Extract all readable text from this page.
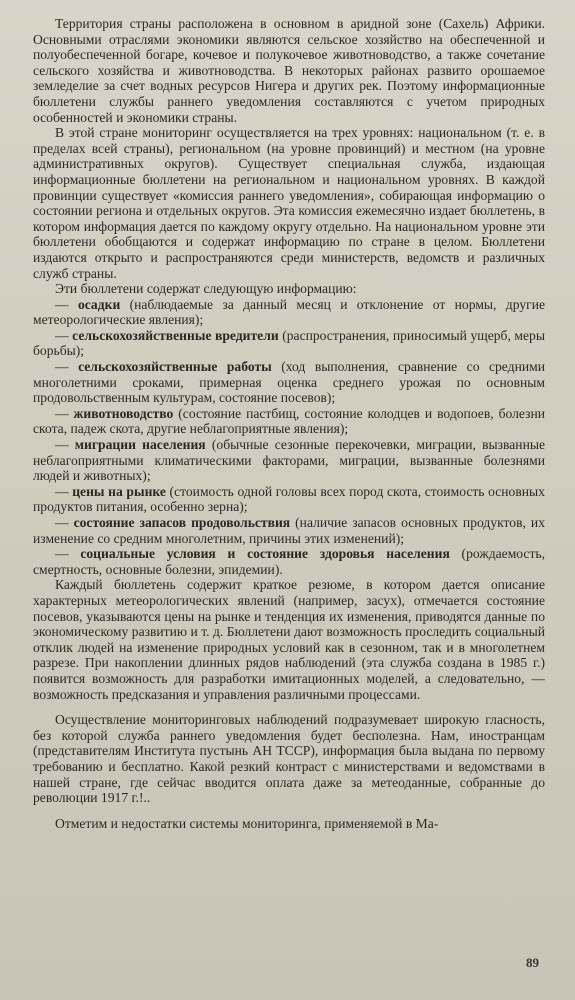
Территория страны расположена в основном в аридной зоне (Сахель) Африки. Основными отраслями экономики являются сельское хозяйство на обеспеченной и полуобеспеченной богаре, кочевое и полукочевое животноводство, а также сочетание сельского хозяйства и животноводства. В некоторых районах развито орошаемое земледелие за счет водных ресурсов Нигера и других рек. Поэтому информационные бюллетени службы раннего уведомления составляются с учетом природных особенностей и экономики страны.

В этой стране мониторинг осуществляется на трех уровнях: национальном (т. е. в пределах всей страны), региональном (на уровне провинций) и местном (на уровне административных округов). Существует специальная служба, издающая информационные бюллетени на региональном и национальном уровнях. В каждой провинции существует «комиссия раннего уведомления», собирающая информацию о состоянии региона и отдельных округов. Эта комиссия ежемесячно издает бюллетень, в котором информация дается по каждому округу отдельно. На национальном уровне эти бюллетени обобщаются и содержат информацию по стране в целом. Бюллетени издаются открыто и распространяются среди министерств, ведомств и различных служб страны.

Эти бюллетени содержат следующую информацию:

— осадки (наблюдаемые за данный месяц и отклонение от нормы, другие метеорологические явления);

— сельскохозяйственные вредители (распространения, приносимый ущерб, меры борьбы);

— сельскохозяйственные работы (ход выполнения, сравнение со средними многолетними сроками, примерная оценка среднего урожая по основным продовольственным культурам, состояние посевов);

— животноводство (состояние пастбищ, состояние колодцев и водопоев, болезни скота, падеж скота, другие неблагоприятные явления);

— миграции населения (обычные сезонные перекочевки, миграции, вызванные неблагоприятными климатическими факторами, миграции, вызванные болезнями людей и животных);

— цены на рынке (стоимость одной головы всех пород скота, стоимость основных продуктов питания, особенно зерна);

— состояние запасов продовольствия (наличие запасов основных продуктов, их изменение со средним многолетним, причины этих изменений);

— социальные условия и состояние здоровья населения (рождаемость, смертность, основные болезни, эпидемии).

Каждый бюллетень содержит краткое резюме, в котором дается описание характерных метеорологических явлений (например, засух), отмечается состояние посевов, указываются цены на рынке и тенденция их изменения, приводятся данные по экономическому развитию и т. д. Бюллетени дают возможность проследить социальный отклик людей на изменение природных условий как в сезонном, так и в многолетнем разрезе. При накоплении длинных рядов наблюдений (эта служба создана в 1985 г.) появится возможность для разработки имитационных моделей, а следовательно, — возможность предсказания и управления различными процессами.

Осуществление мониторинговых наблюдений подразумевает широкую гласность, без которой служба раннего уведомления будет бесполезна. Нам, иностранцам (представителям Института пустынь АН ТССР), информация была выдана по первому требованию и бесплатно. Какой резкий контраст с министерствами и ведомствами в нашей стране, где сейчас вводится оплата даже за метеоданные, собранные до революции 1917 г.!..

Отметим и недостатки системы мониторинга, применяемой в Ма-

89
